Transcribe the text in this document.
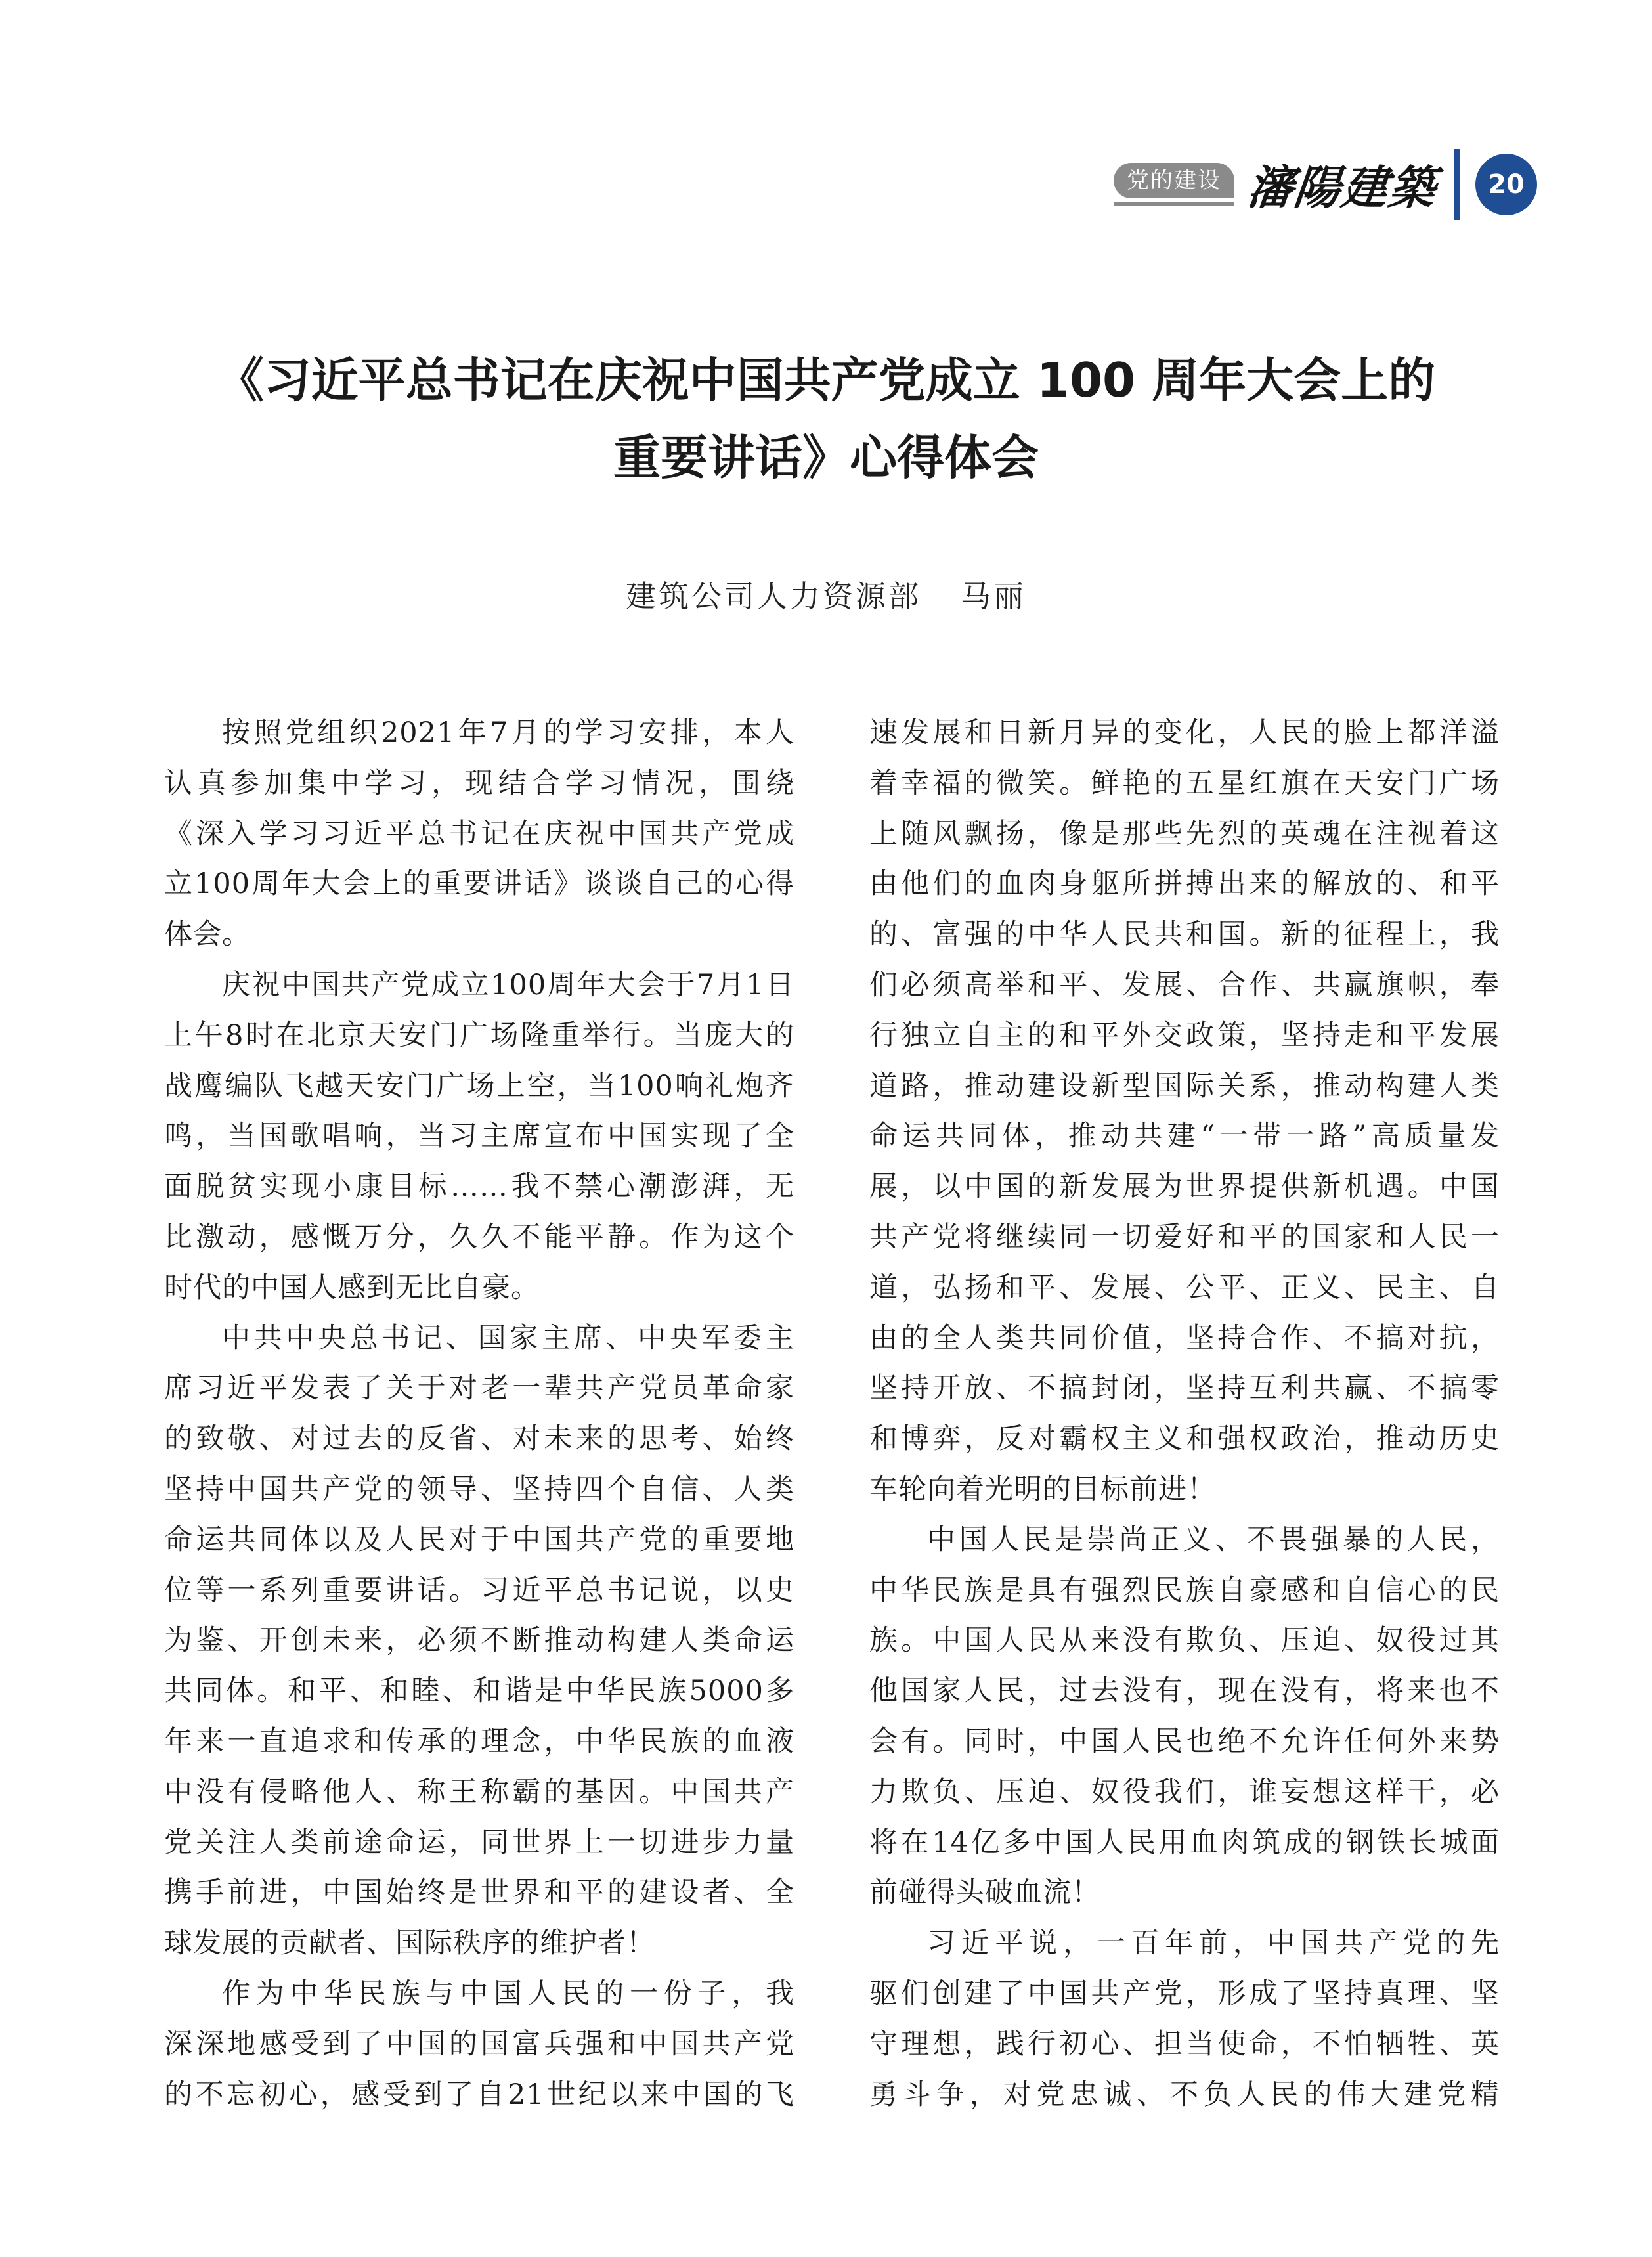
党的建设 瀋陽建築	20
《习近平总书记在庆祝中国共产党成立 100 周年大会上的
重要讲话》心得体会
建筑公司人力资源部 马丽

按照党组织2021年7月的学习安排，本人

认真参加集中学习，现结合学习情况，围绕

《深入学习习近平总书记在庆祝中国共产党成

立100周年大会上的重要讲话》谈谈自己的心得

体会。

庆祝中国共产党成立100周年大会于7月1日

上午8时在北京天安门广场隆重举行。当庞大的

战鹰编队飞越天安门广场上空，当100响礼炮齐

鸣，当国歌唱响，当习主席宣布中国实现了全

面脱贫实现小康目标……我不禁心潮澎湃，无

比激动，感慨万分，久久不能平静。作为这个

时代的中国人感到无比自豪。

中共中央总书记、国家主席、中央军委主

席习近平发表了关于对老一辈共产党员革命家

的致敬、对过去的反省、对未来的思考、始终

坚持中国共产党的领导、坚持四个自信、人类

命运共同体以及人民对于中国共产党的重要地

位等一系列重要讲话。习近平总书记说，以史

为鉴、开创未来，必须不断推动构建人类命运

共同体。和平、和睦、和谐是中华民族5000多

年来一直追求和传承的理念，中华民族的血液

中没有侵略他人、称王称霸的基因。中国共产

党关注人类前途命运，同世界上一切进步力量

携手前进，中国始终是世界和平的建设者、全

球发展的贡献者、国际秩序的维护者！

作为中华民族与中国人民的一份子，我

深深地感受到了中国的国富兵强和中国共产党

的不忘初心，感受到了自21世纪以来中国的飞

速发展和日新月异的变化，人民的脸上都洋溢

着幸福的微笑。鲜艳的五星红旗在天安门广场

上随风飘扬，像是那些先烈的英魂在注视着这

由他们的血肉身躯所拼搏出来的解放的、和平

的、富强的中华人民共和国。新的征程上，我

们必须高举和平、发展、合作、共赢旗帜，奉

行独立自主的和平外交政策，坚持走和平发展

道路，推动建设新型国际关系，推动构建人类

命运共同体，推动共建“一带一路”高质量发

展，以中国的新发展为世界提供新机遇。中国

共产党将继续同一切爱好和平的国家和人民一

道，弘扬和平、发展、公平、正义、民主、自

由的全人类共同价值，坚持合作、不搞对抗，

坚持开放、不搞封闭，坚持互利共赢、不搞零

和博弈，反对霸权主义和强权政治，推动历史

车轮向着光明的目标前进！

中国人民是崇尚正义、不畏强暴的人民，

中华民族是具有强烈民族自豪感和自信心的民

族。中国人民从来没有欺负、压迫、奴役过其

他国家人民，过去没有，现在没有，将来也不

会有。同时，中国人民也绝不允许任何外来势

力欺负、压迫、奴役我们，谁妄想这样干，必

将在14亿多中国人民用血肉筑成的钢铁长城面

前碰得头破血流！

习近平说，一百年前，中国共产党的先

驱们创建了中国共产党，形成了坚持真理、坚

守理想，践行初心、担当使命，不怕牺牲、英

勇斗争，对党忠诚、不负人民的伟大建党精
